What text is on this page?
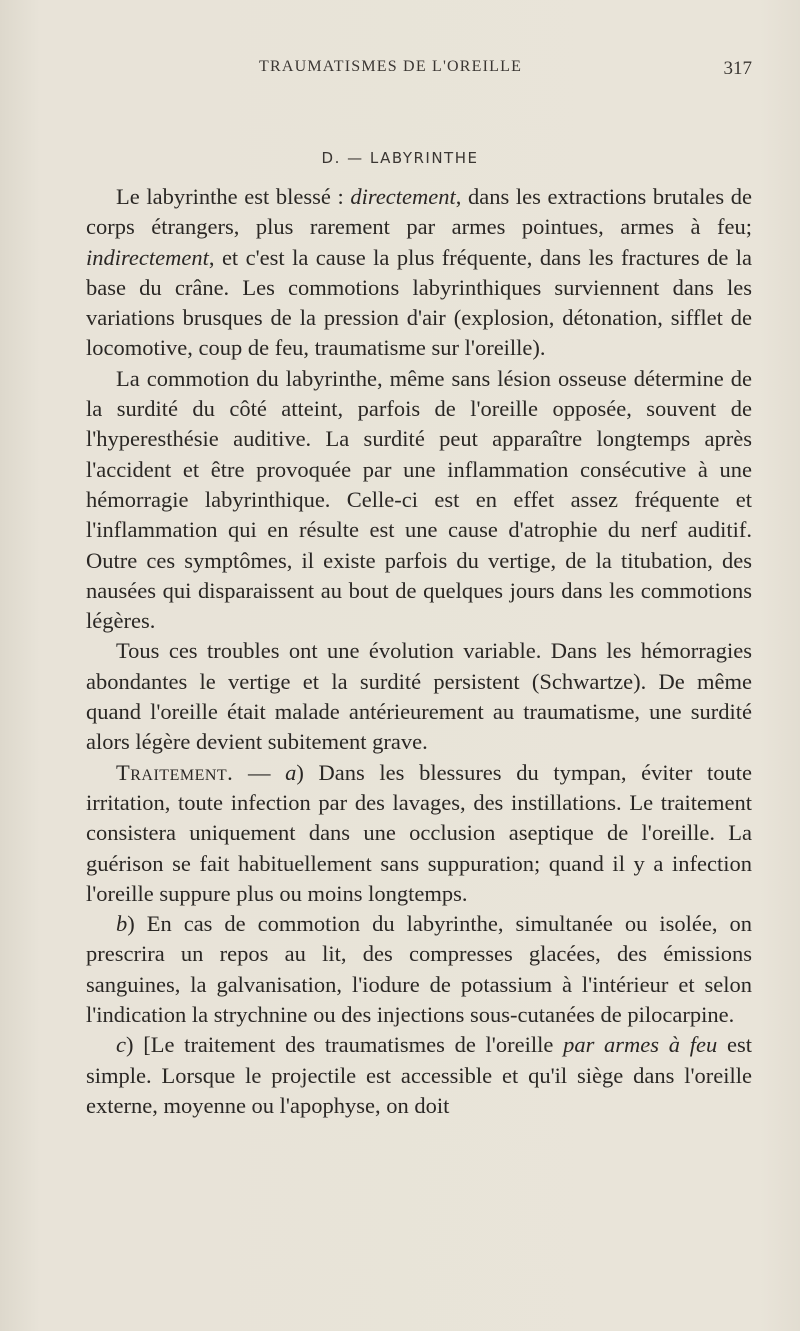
TRAUMATISMES DE L'OREILLE	317
D. — LABYRINTHE

Le labyrinthe est blessé : directement, dans les extractions brutales de corps étrangers, plus rarement par armes pointues, armes à feu; indirectement, et c'est la cause la plus fréquente, dans les fractures de la base du crâne. Les commotions labyrinthiques surviennent dans les variations brusques de la pression d'air (explosion, détonation, sifflet de locomotive, coup de feu, traumatisme sur l'oreille).

La commotion du labyrinthe, même sans lésion osseuse détermine de la surdité du côté atteint, parfois de l'oreille opposée, souvent de l'hyperesthésie auditive. La surdité peut apparaître longtemps après l'accident et être provoquée par une inflammation consécutive à une hémorragie labyrinthique. Celle-ci est en effet assez fréquente et l'inflammation qui en résulte est une cause d'atrophie du nerf auditif. Outre ces symptômes, il existe parfois du vertige, de la titubation, des nausées qui disparaissent au bout de quelques jours dans les commotions légères.

Tous ces troubles ont une évolution variable. Dans les hémorragies abondantes le vertige et la surdité persistent (Schwartze). De même quand l'oreille était malade antérieurement au traumatisme, une surdité alors légère devient subitement grave.

Traitement. — a) Dans les blessures du tympan, éviter toute irritation, toute infection par des lavages, des instillations. Le traitement consistera uniquement dans une occlusion aseptique de l'oreille. La guérison se fait habituellement sans suppuration; quand il y a infection l'oreille suppure plus ou moins longtemps.

b) En cas de commotion du labyrinthe, simultanée ou isolée, on prescrira un repos au lit, des compresses glacées, des émissions sanguines, la galvanisation, l'iodure de potassium à l'intérieur et selon l'indication la strychnine ou des injections sous-cutanées de pilocarpine.

c) [Le traitement des traumatismes de l'oreille par armes à feu est simple. Lorsque le projectile est accessible et qu'il siège dans l'oreille externe, moyenne ou l'apophyse, on doit
